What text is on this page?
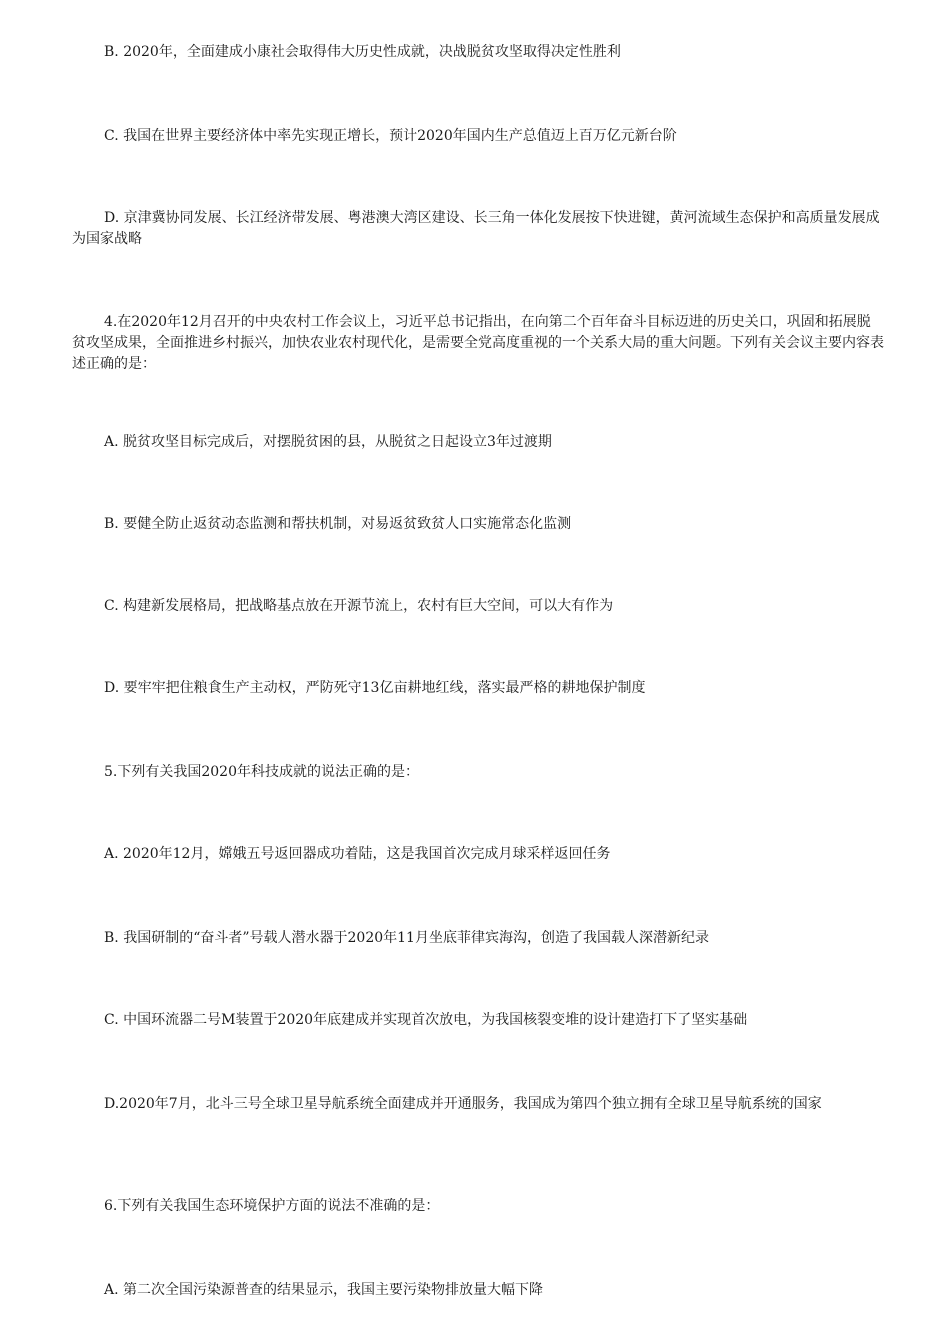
B. 2020年，全面建成小康社会取得伟大历史性成就，决战脱贫攻坚取得决定性胜利

C. 我国在世界主要经济体中率先实现正增长，预计2020年国内生产总值迈上百万亿元新台阶

D. 京津冀协同发展、长江经济带发展、粤港澳大湾区建设、长三角一体化发展按下快进键，黄河流域生态保护和高质量发展成为国家战略

4.在2020年12月召开的中央农村工作会议上，习近平总书记指出，在向第二个百年奋斗目标迈进的历史关口，巩固和拓展脱贫攻坚成果，全面推进乡村振兴，加快农业农村现代化，是需要全党高度重视的一个关系大局的重大问题。下列有关会议主要内容表述正确的是：

A. 脱贫攻坚目标完成后，对摆脱贫困的县，从脱贫之日起设立3年过渡期

B. 要健全防止返贫动态监测和帮扶机制，对易返贫致贫人口实施常态化监测

C. 构建新发展格局，把战略基点放在开源节流上，农村有巨大空间，可以大有作为

D. 要牢牢把住粮食生产主动权，严防死守13亿亩耕地红线，落实最严格的耕地保护制度

5.下列有关我国2020年科技成就的说法正确的是：

A. 2020年12月，嫦娥五号返回器成功着陆，这是我国首次完成月球采样返回任务

B. 我国研制的“奋斗者”号载人潜水器于2020年11月坐底菲律宾海沟，创造了我国载人深潜新纪录

C. 中国环流器二号M装置于2020年底建成并实现首次放电，为我国核裂变堆的设计建造打下了坚实基础

D.2020年7月，北斗三号全球卫星导航系统全面建成并开通服务，我国成为第四个独立拥有全球卫星导航系统的国家

6.下列有关我国生态环境保护方面的说法不准确的是：

A. 第二次全国污染源普查的结果显示，我国主要污染物排放量大幅下降
